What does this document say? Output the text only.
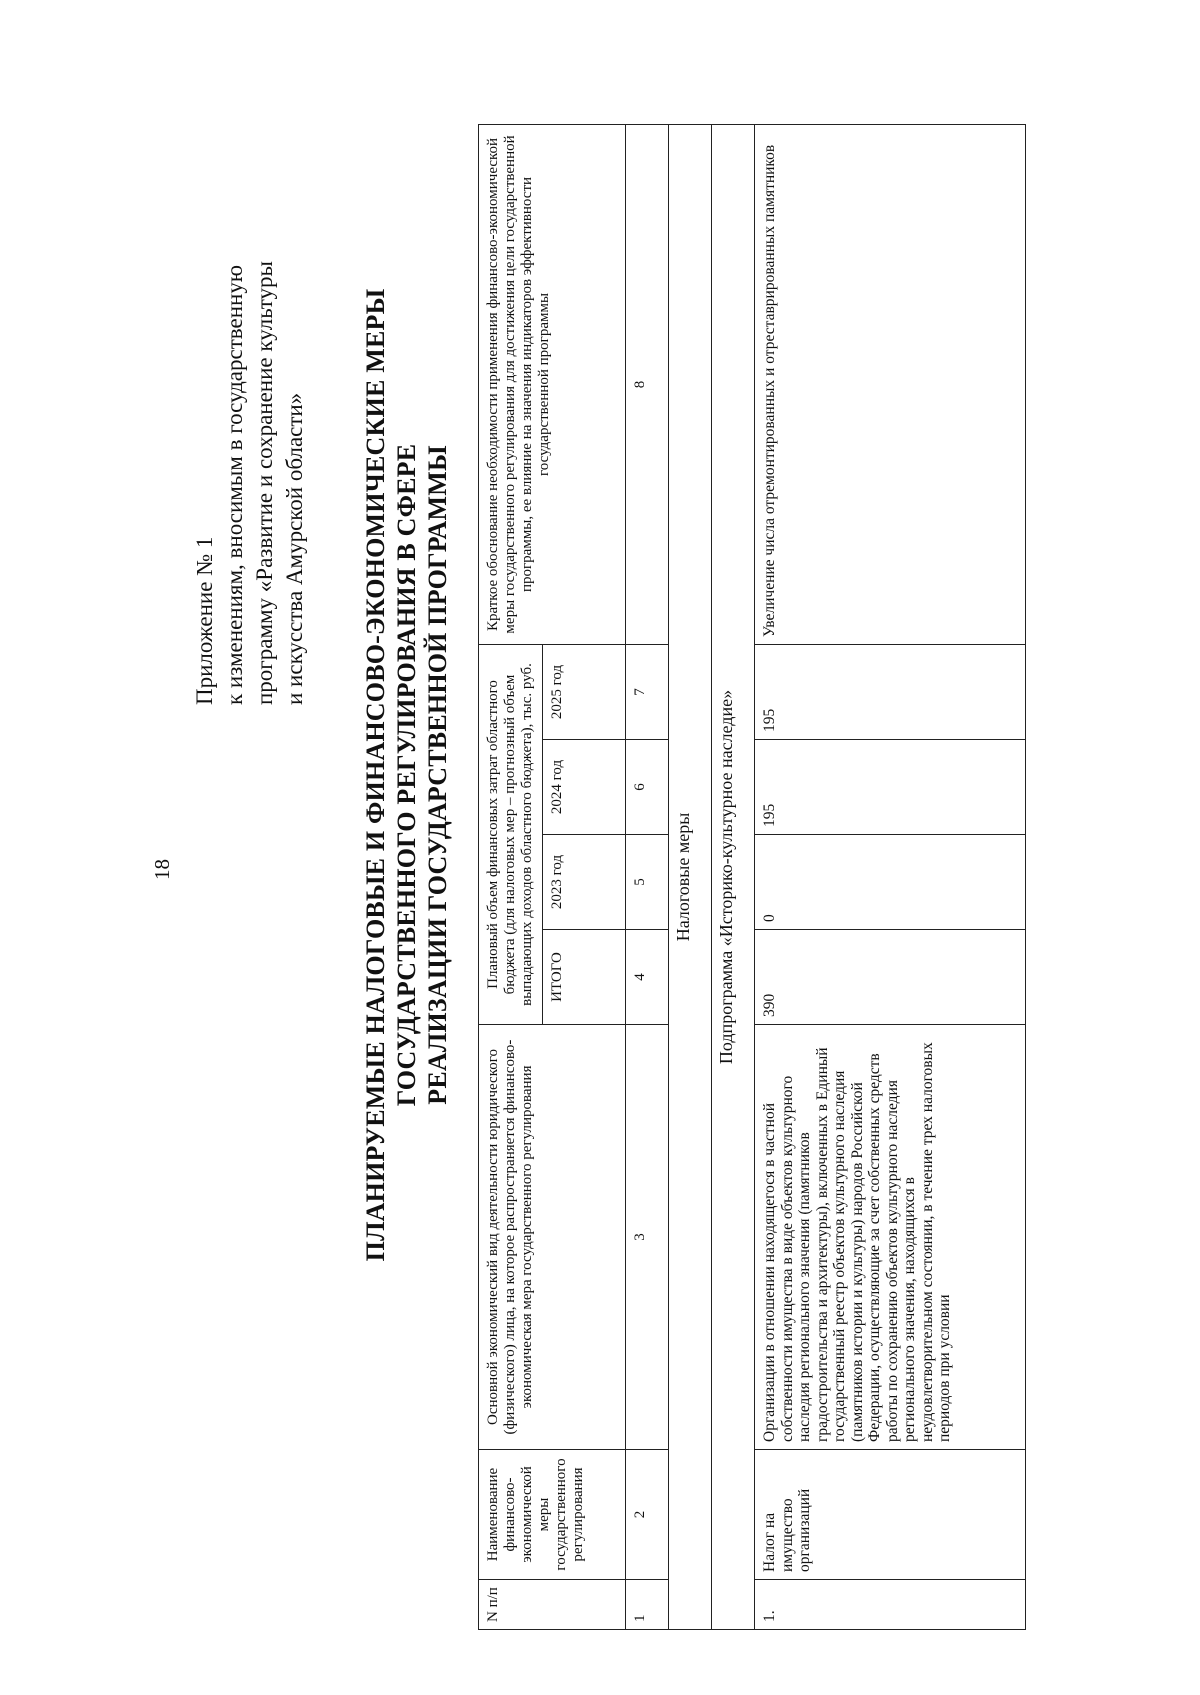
18
Приложение № 1 к изменениям, вносимым в государственную программу «Развитие и сохранение культуры и искусства Амурской области» ПЛАНИРУЕМЫЕ НАЛОГОВЫЕ И ФИНАНСОВО-ЭКОНОМИЧЕСКИЕ МЕРЫ ГОСУДАРСТВЕННОГО РЕГУЛИРОВАНИЯ В СФЕРЕ РЕАЛИЗАЦИИ ГОСУДАРСТВЕННОЙ ПРОГРАММЫ
N п/п	Наименование финансово-экономической меры государственного регулирования	Основной экономический вид деятельности юридического (физического) лица, на которое распространяется финансово-экономическая мера государственного регулирования	Плановый объем финансовых затрат областного бюджета (для налоговых мер – прогнозный объем выпадающих доходов областного бюджета), тыс. руб.				Краткое обоснование необходимости применения финансово-экономической меры государственного регулирования для достижения цели государственной программы, ее влияние на значения индикаторов эффективности государственной программы
			ИТОГО	2023 год	2024 год	2025 год	
1	2	3	4	5	6	7	8
Налоговые меры							
Подпрограмма «Историко-культурное наследие»							
1.	Налог на имущество организаций	Организации в отношении находящегося в частной собственности имущества в виде объектов культурного наследия регионального значения (памятников градостроительства и архитектуры), включенных в Единый государственный реестр объектов культурного наследия (памятников истории и культуры) народов Российской Федерации, осуществляющие за счет собственных средств работы по сохранению объектов культурного наследия регионального значения, находящихся в неудовлетворительном состоянии, в течение трех налоговых периодов при условии	390	0	195	195	Увеличение числа отремонтированных и отреставрированных памятников
